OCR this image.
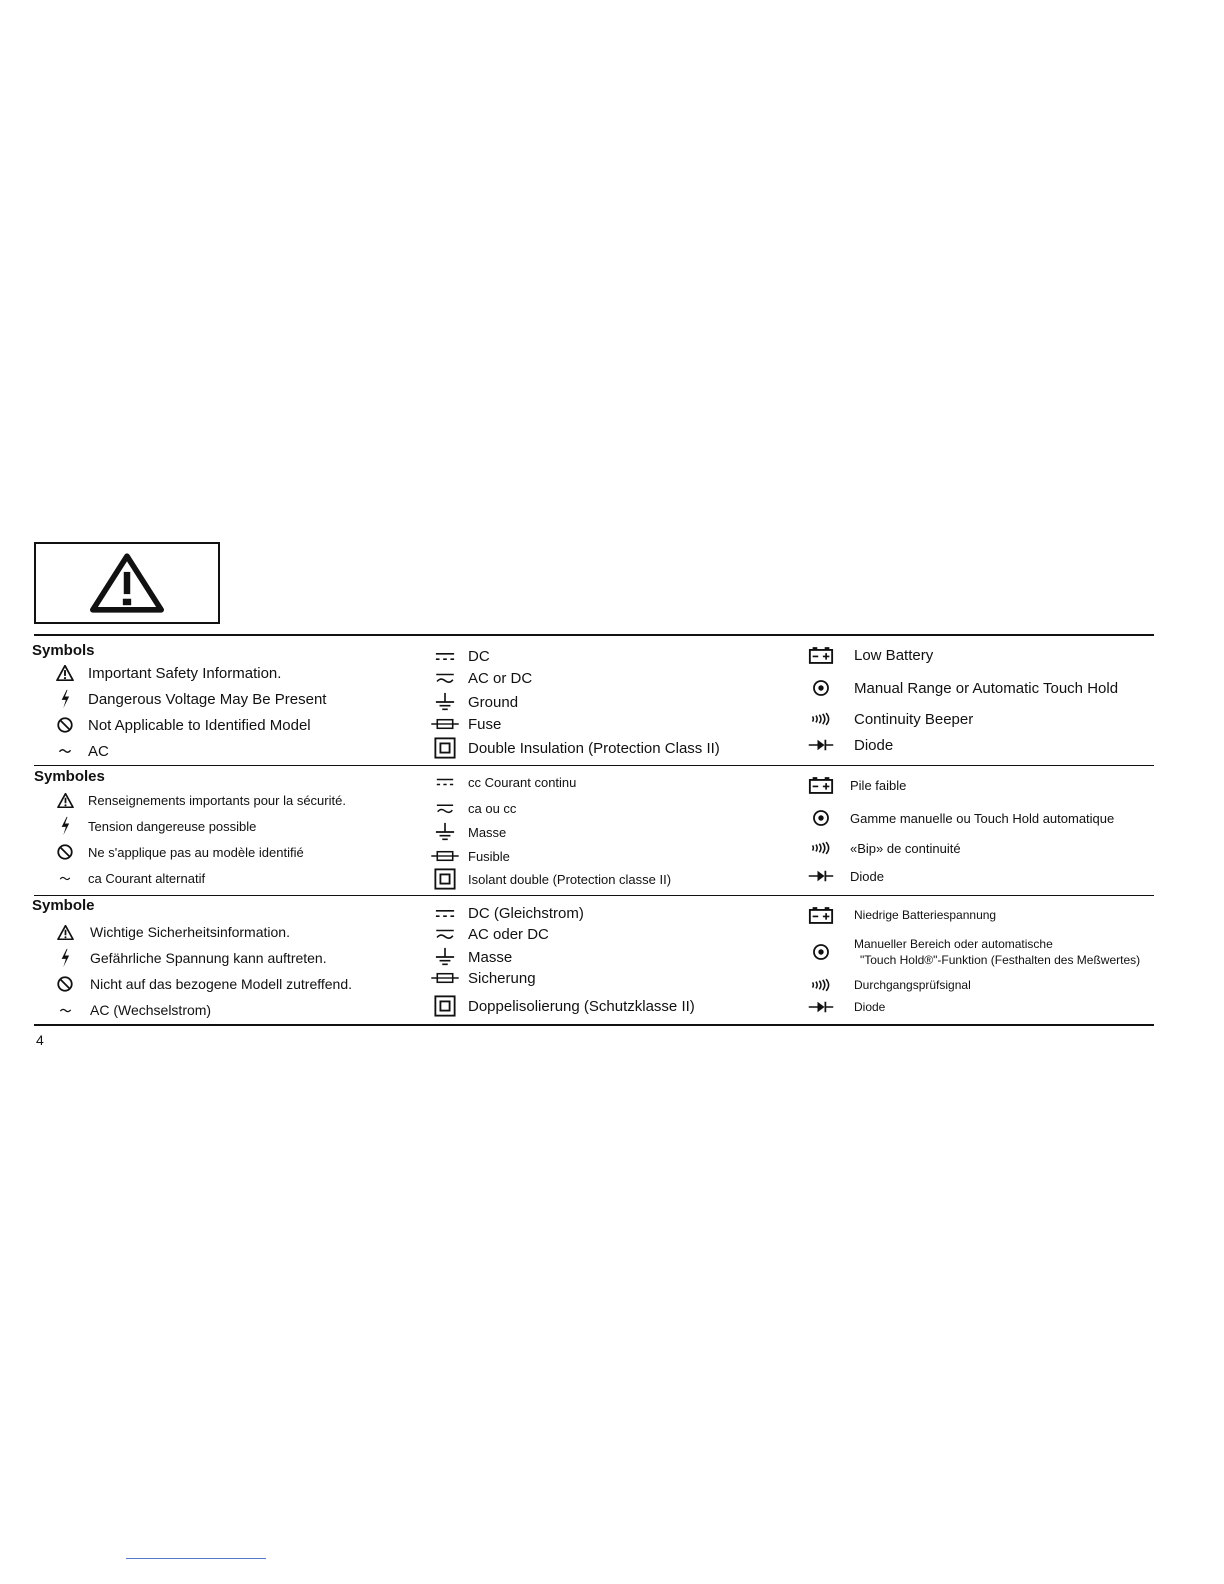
Symbols
Important Safety Information.
Dangerous Voltage May Be Present
Not Applicable to Identified Model
AC
DC
AC or DC
Ground
Fuse
Double Insulation (Protection Class II)
Low Battery
Manual Range or Automatic Touch Hold
Continuity Beeper
Diode
Symboles
Renseignements importants pour la sécurité.
Tension dangereuse possible
Ne s'applique pas au modèle identifié
ca Courant alternatif
cc Courant continu
ca ou cc
Masse
Fusible
Isolant double (Protection classe II)
Pile faible
Gamme manuelle ou Touch Hold automatique
«Bip» de continuité
Diode
Symbole
Wichtige Sicherheitsinformation.
Gefährliche Spannung kann auftreten.
Nicht auf das bezogene Modell zutreffend.
AC (Wechselstrom)
DC (Gleichstrom)
AC oder DC
Masse
Sicherung
Doppelisolierung (Schutzklasse II)
Niedrige Batteriespannung
Manueller Bereich oder automatische
"Touch Hold®"-Funktion (Festhalten des Meßwertes)
Durchgangsprüfsignal
Diode
4
